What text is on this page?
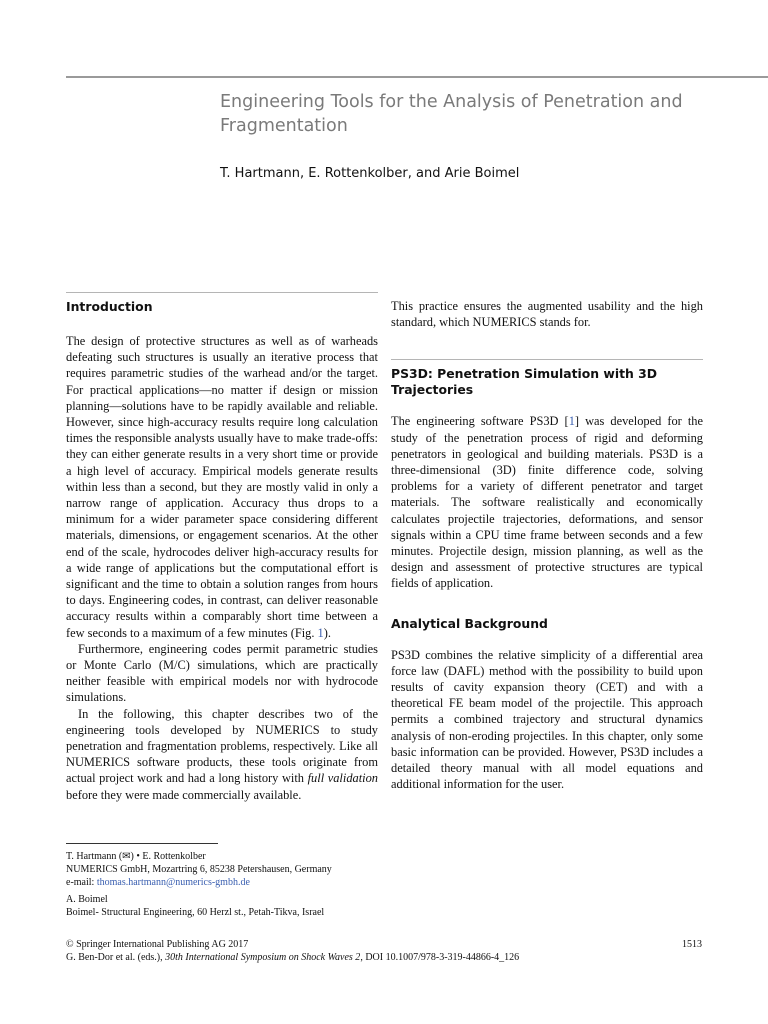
Engineering Tools for the Analysis of Penetration and Fragmentation
T. Hartmann, E. Rottenkolber, and Arie Boimel
Introduction

The design of protective structures as well as of warheads defeating such structures is usually an iterative process that requires parametric studies of the warhead and/or the target. For practical applications—no matter if design or mission planning—solutions have to be rapidly available and reliable. However, since high-accuracy results require long calculation times the responsible analysts usually have to make trade-offs: they can either generate results in a very short time or provide a high level of accuracy. Empirical models generate results within less than a second, but they are mostly valid in only a narrow range of application. Accuracy thus drops to a minimum for a wider parameter space considering different materials, dimensions, or engagement scenarios. At the other end of the scale, hydrocodes deliver high-accuracy results for a wide range of applications but the computational effort is significant and the time to obtain a solution ranges from hours to days. Engineering codes, in contrast, can deliver reasonable accuracy results within a comparably short time between a few seconds to a maximum of a few minutes (Fig. 1).

Furthermore, engineering codes permit parametric studies or Monte Carlo (M/C) simulations, which are practically neither feasible with empirical models nor with hydrocode simulations.

In the following, this chapter describes two of the engineering tools developed by NUMERICS to study penetration and fragmentation problems, respectively. Like all NUMERICS software products, these tools originate from actual project work and had a long history with full validation before they were made commercially available.

This practice ensures the augmented usability and the high standard, which NUMERICS stands for.

PS3D: Penetration Simulation with 3D Trajectories

The engineering software PS3D [1] was developed for the study of the penetration process of rigid and deforming penetrators in geological and building materials. PS3D is a three-dimensional (3D) finite difference code, solving problems for a variety of different penetrator and target materials. The software realistically and economically calculates projectile trajectories, deformations, and sensor signals within a CPU time frame between seconds and a few minutes. Projectile design, mission planning, as well as the design and assessment of protective structures are typical fields of application.

Analytical Background

PS3D combines the relative simplicity of a differential area force law (DAFL) method with the possibility to build upon results of cavity expansion theory (CET) and with a theoretical FE beam model of the projectile. This approach permits a combined trajectory and structural dynamics analysis of non-eroding projectiles. In this chapter, only some basic information can be provided. However, PS3D includes a detailed theory manual with all model equations and additional information for the user.

T. Hartmann (✉) • E. Rottenkolber
NUMERICS GmbH, Mozartring 6, 85238 Petershausen, Germany
e-mail: thomas.hartmann@numerics-gmbh.de
A. Boimel
Boimel- Structural Engineering, 60 Herzl st., Petah-Tikva, Israel
© Springer International Publishing AG 2017
G. Ben-Dor et al. (eds.), 30th International Symposium on Shock Waves 2, DOI 10.1007/978-3-319-44866-4_126
1513
